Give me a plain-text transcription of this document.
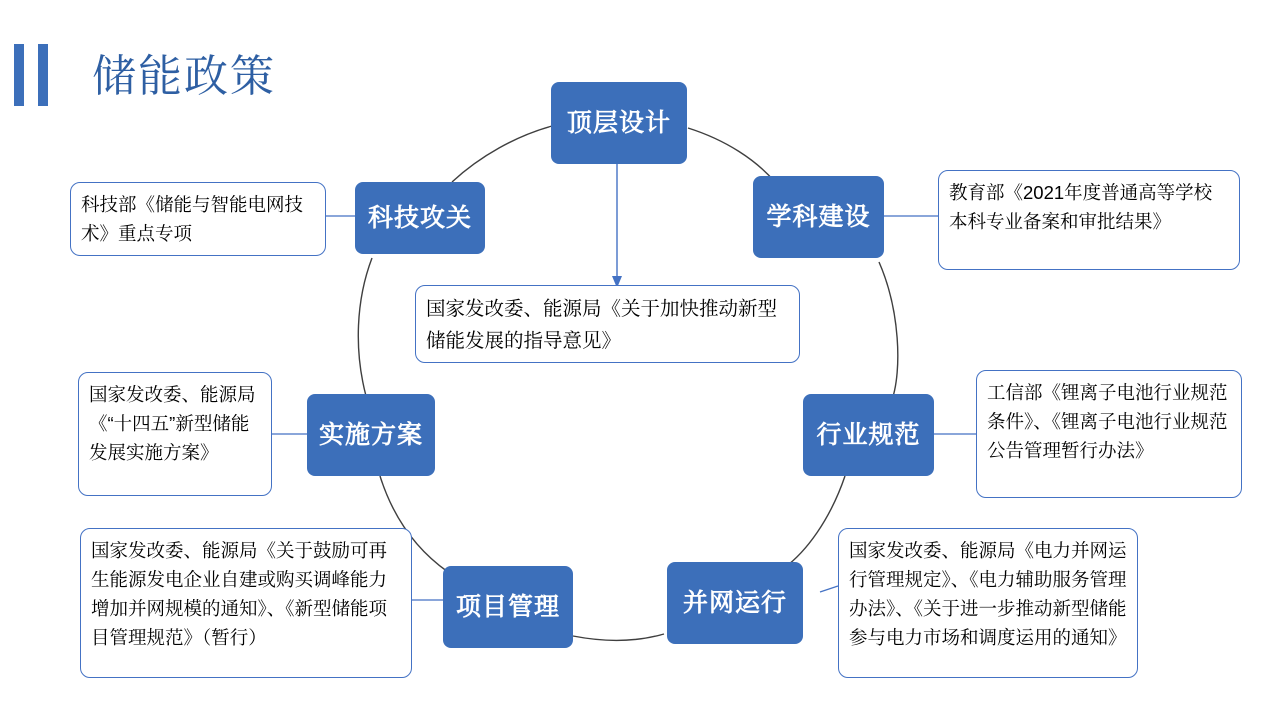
储能政策
顶层设计
学科建设
行业规范
并网运行
项目管理
实施方案
科技攻关
科技部《储能与智能电网技术》重点专项
教育部《2021年度普通高等学校本科专业备案和审批结果》
国家发改委、能源局《关于加快推动新型储能发展的指导意见》
国家发改委、能源局《“十四五”新型储能发展实施方案》
工信部《锂离子电池行业规范条件》、《锂离子电池行业规范公告管理暂行办法》
国家发改委、能源局《关于鼓励可再生能源发电企业自建或购买调峰能力增加并网规模的通知》、《新型储能项目管理规范》（暂行）
国家发改委、能源局《电力并网运行管理规定》、《电力辅助服务管理办法》、《关于进一步推动新型储能参与电力市场和调度运用的通知》
